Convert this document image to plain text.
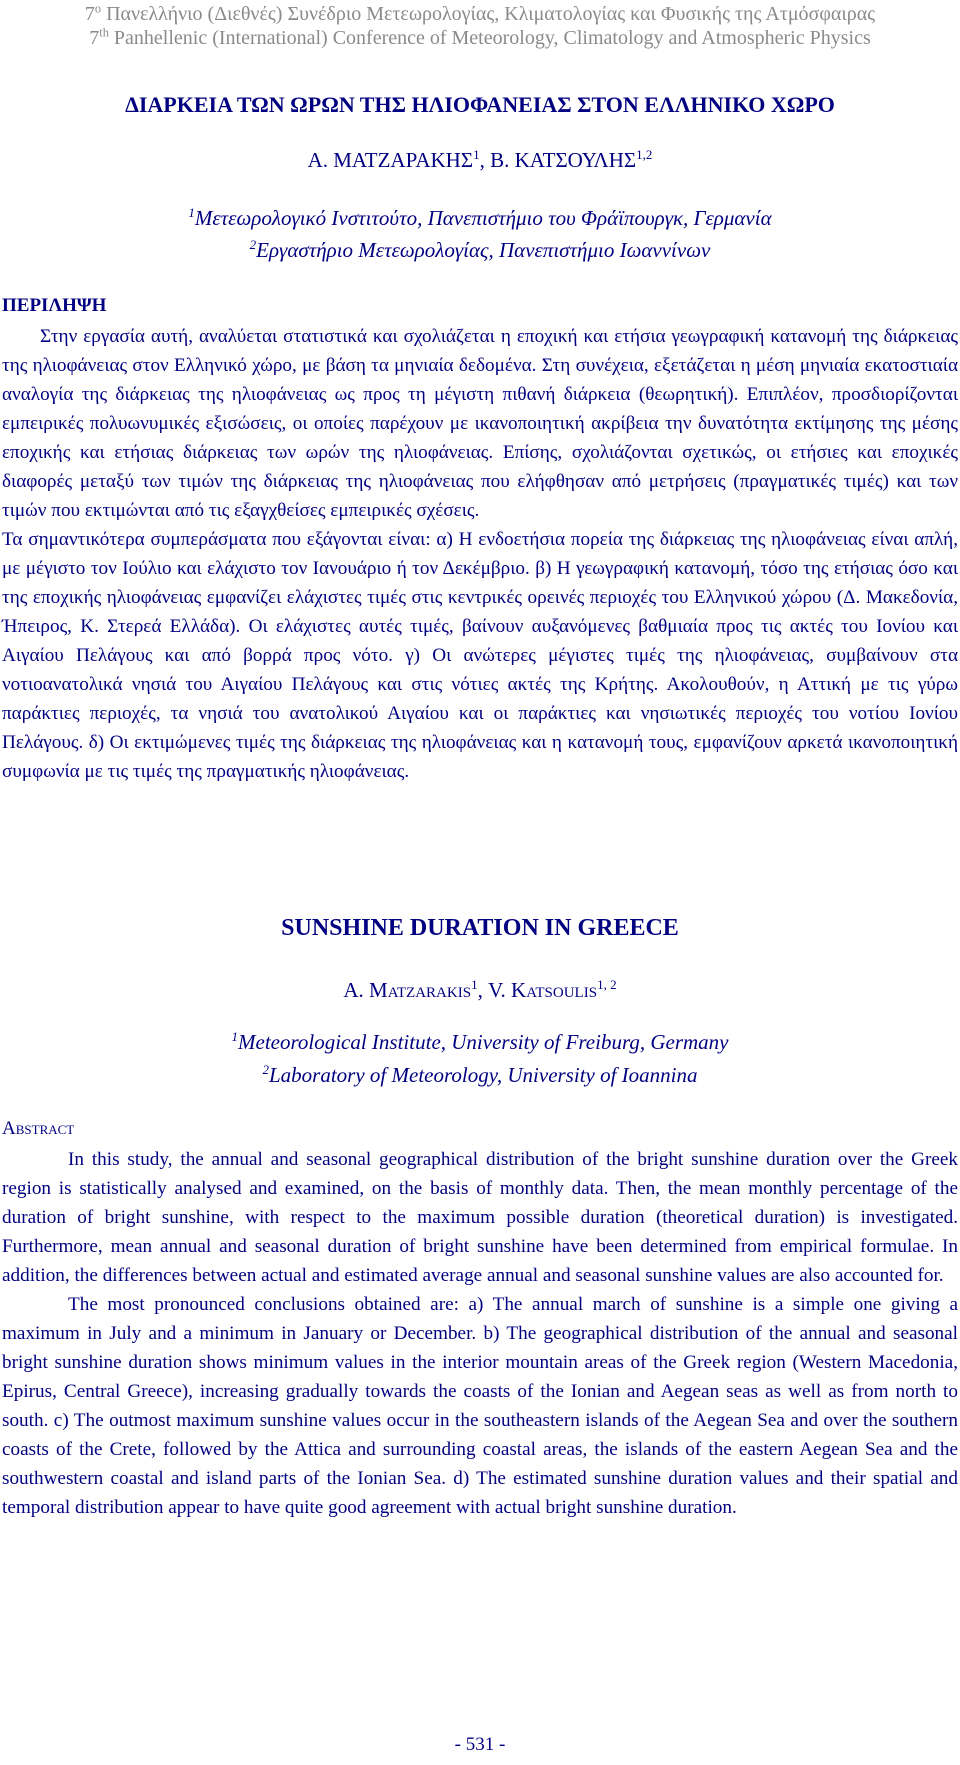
$7^o$ Πανελλήνιο (Διεθνές) Συνέδριο Μετεωρολογίας, Κλιματολογίας και Φυσικής της Ατμόσφαιρας
7th Panhellenic (International) Conference of Meteorology, Climatology and Atmospheric Physics
ΔΙΑΡΚΕΙΑ ΤΩΝ ΩΡΩΝ ΤΗΣ ΗΛΙΟΦΑΝΕΙΑΣ ΣΤΟΝ ΕΛΛΗΝΙΚΟ ΧΩΡΟ
Α. ΜΑΤΖΑΡΑΚΗΣ$^1$, Β. ΚΑΤΣΟΥΛΗΣ$^{1,2}$
$^1$Μετεωρολογικό Ινστιτούτο, Πανεπιστήμιο του Φράϊπουργκ, Γερμανία
$^2$Εργαστήριο Μετεωρολογίας, Πανεπιστήμιο Ιωαννίνων
ΠΕΡΙΛΗΨΗ

Στην εργασία αυτή, αναλύεται στατιστικά και σχολιάζεται η εποχική και ετήσια γεωγραφική κατανομή της διάρκειας της ηλιοφάνειας στον Ελληνικό χώρο, με βάση τα μηνιαία δεδομένα. Στη συνέχεια, εξετάζεται η μέση μηνιαία εκατοστιαία αναλογία της διάρκειας της ηλιοφάνειας ως προς τη μέγιστη πιθανή διάρκεια (θεωρητική). Επιπλέον, προσδιορίζονται εμπειρικές πολυωνυμικές εξισώσεις, οι οποίες παρέχουν με ικανοποιητική ακρίβεια την δυνατότητα εκτίμησης της μέσης εποχικής και ετήσιας διάρκειας των ωρών της ηλιοφάνειας. Επίσης, σχολιάζονται σχετικώς, οι ετήσιες και εποχικές διαφορές μεταξύ των τιμών της διάρκειας της ηλιοφάνειας που ελήφθησαν από μετρήσεις (πραγματικές τιμές) και των τιμών που εκτιμώνται από τις εξαγχθείσες εμπειρικές σχέσεις.

Τα σημαντικότερα συμπεράσματα που εξάγονται είναι: α) Η ενδοετήσια πορεία της διάρκειας της ηλιοφάνειας είναι απλή, με μέγιστο τον Ιούλιο και ελάχιστο τον Ιανουάριο ή τον Δεκέμβριο. β) Η γεωγραφική κατανομή, τόσο της ετήσιας όσο και της εποχικής ηλιοφάνειας εμφανίζει ελάχιστες τιμές στις κεντρικές ορεινές περιοχές του Ελληνικού χώρου (Δ. Μακεδονία, Ήπειρος, Κ. Στερεά Ελλάδα). Οι ελάχιστες αυτές τιμές, βαίνουν αυξανόμενες βαθμιαία προς τις ακτές του Ιονίου και Αιγαίου Πελάγους και από βορρά προς νότο. γ) Οι ανώτερες μέγιστες τιμές της ηλιοφάνειας, συμβαίνουν στα νοτιοανατολικά νησιά του Αιγαίου Πελάγους και στις νότιες ακτές της Κρήτης. Ακολουθούν, η Αττική με τις γύρω παράκτιες περιοχές, τα νησιά του ανατολικού Αιγαίου και οι παράκτιες και νησιωτικές περιοχές του νοτίου Ιονίου Πελάγους. δ) Οι εκτιμώμενες τιμές της διάρκειας της ηλιοφάνειας και η κατανομή τους, εμφανίζουν αρκετά ικανοποιητική συμφωνία με τις τιμές της πραγματικής ηλιοφάνειας.

SUNSHINE DURATION IN GREECE
A. Matzarakis$^1$, V. Katsoulis$^{1, 2}$
$^1$Meteorological Institute, University of Freiburg, Germany
$^2$Laboratory of Meteorology, University of Ioannina
Abstract

In this study, the annual and seasonal geographical distribution of the bright sunshine duration over the Greek region is statistically analysed and examined, on the basis of monthly data. Then, the mean monthly percentage of the duration of bright sunshine, with respect to the maximum possible duration (theoretical duration) is investigated. Furthermore, mean annual and seasonal duration of bright sunshine have been determined from empirical formulae. In addition, the differences between actual and estimated average annual and seasonal sunshine values are also accounted for.

The most pronounced conclusions obtained are: a) The annual march of sunshine is a simple one giving a maximum in July and a minimum in January or December. b) The geographical distribution of the annual and seasonal bright sunshine duration shows minimum values in the interior mountain areas of the Greek region (Western Macedonia, Epirus, Central Greece), increasing gradually towards the coasts of the Ionian and Aegean seas as well as from north to south. c) The outmost maximum sunshine values occur in the southeastern islands of the Aegean Sea and over the southern coasts of the Crete, followed by the Attica and surrounding coastal areas, the islands of the eastern Aegean Sea and the southwestern coastal and island parts of the Ionian Sea. d) The estimated sunshine duration values and their spatial and temporal distribution appear to have quite good agreement with actual bright sunshine duration.

- 531 -
